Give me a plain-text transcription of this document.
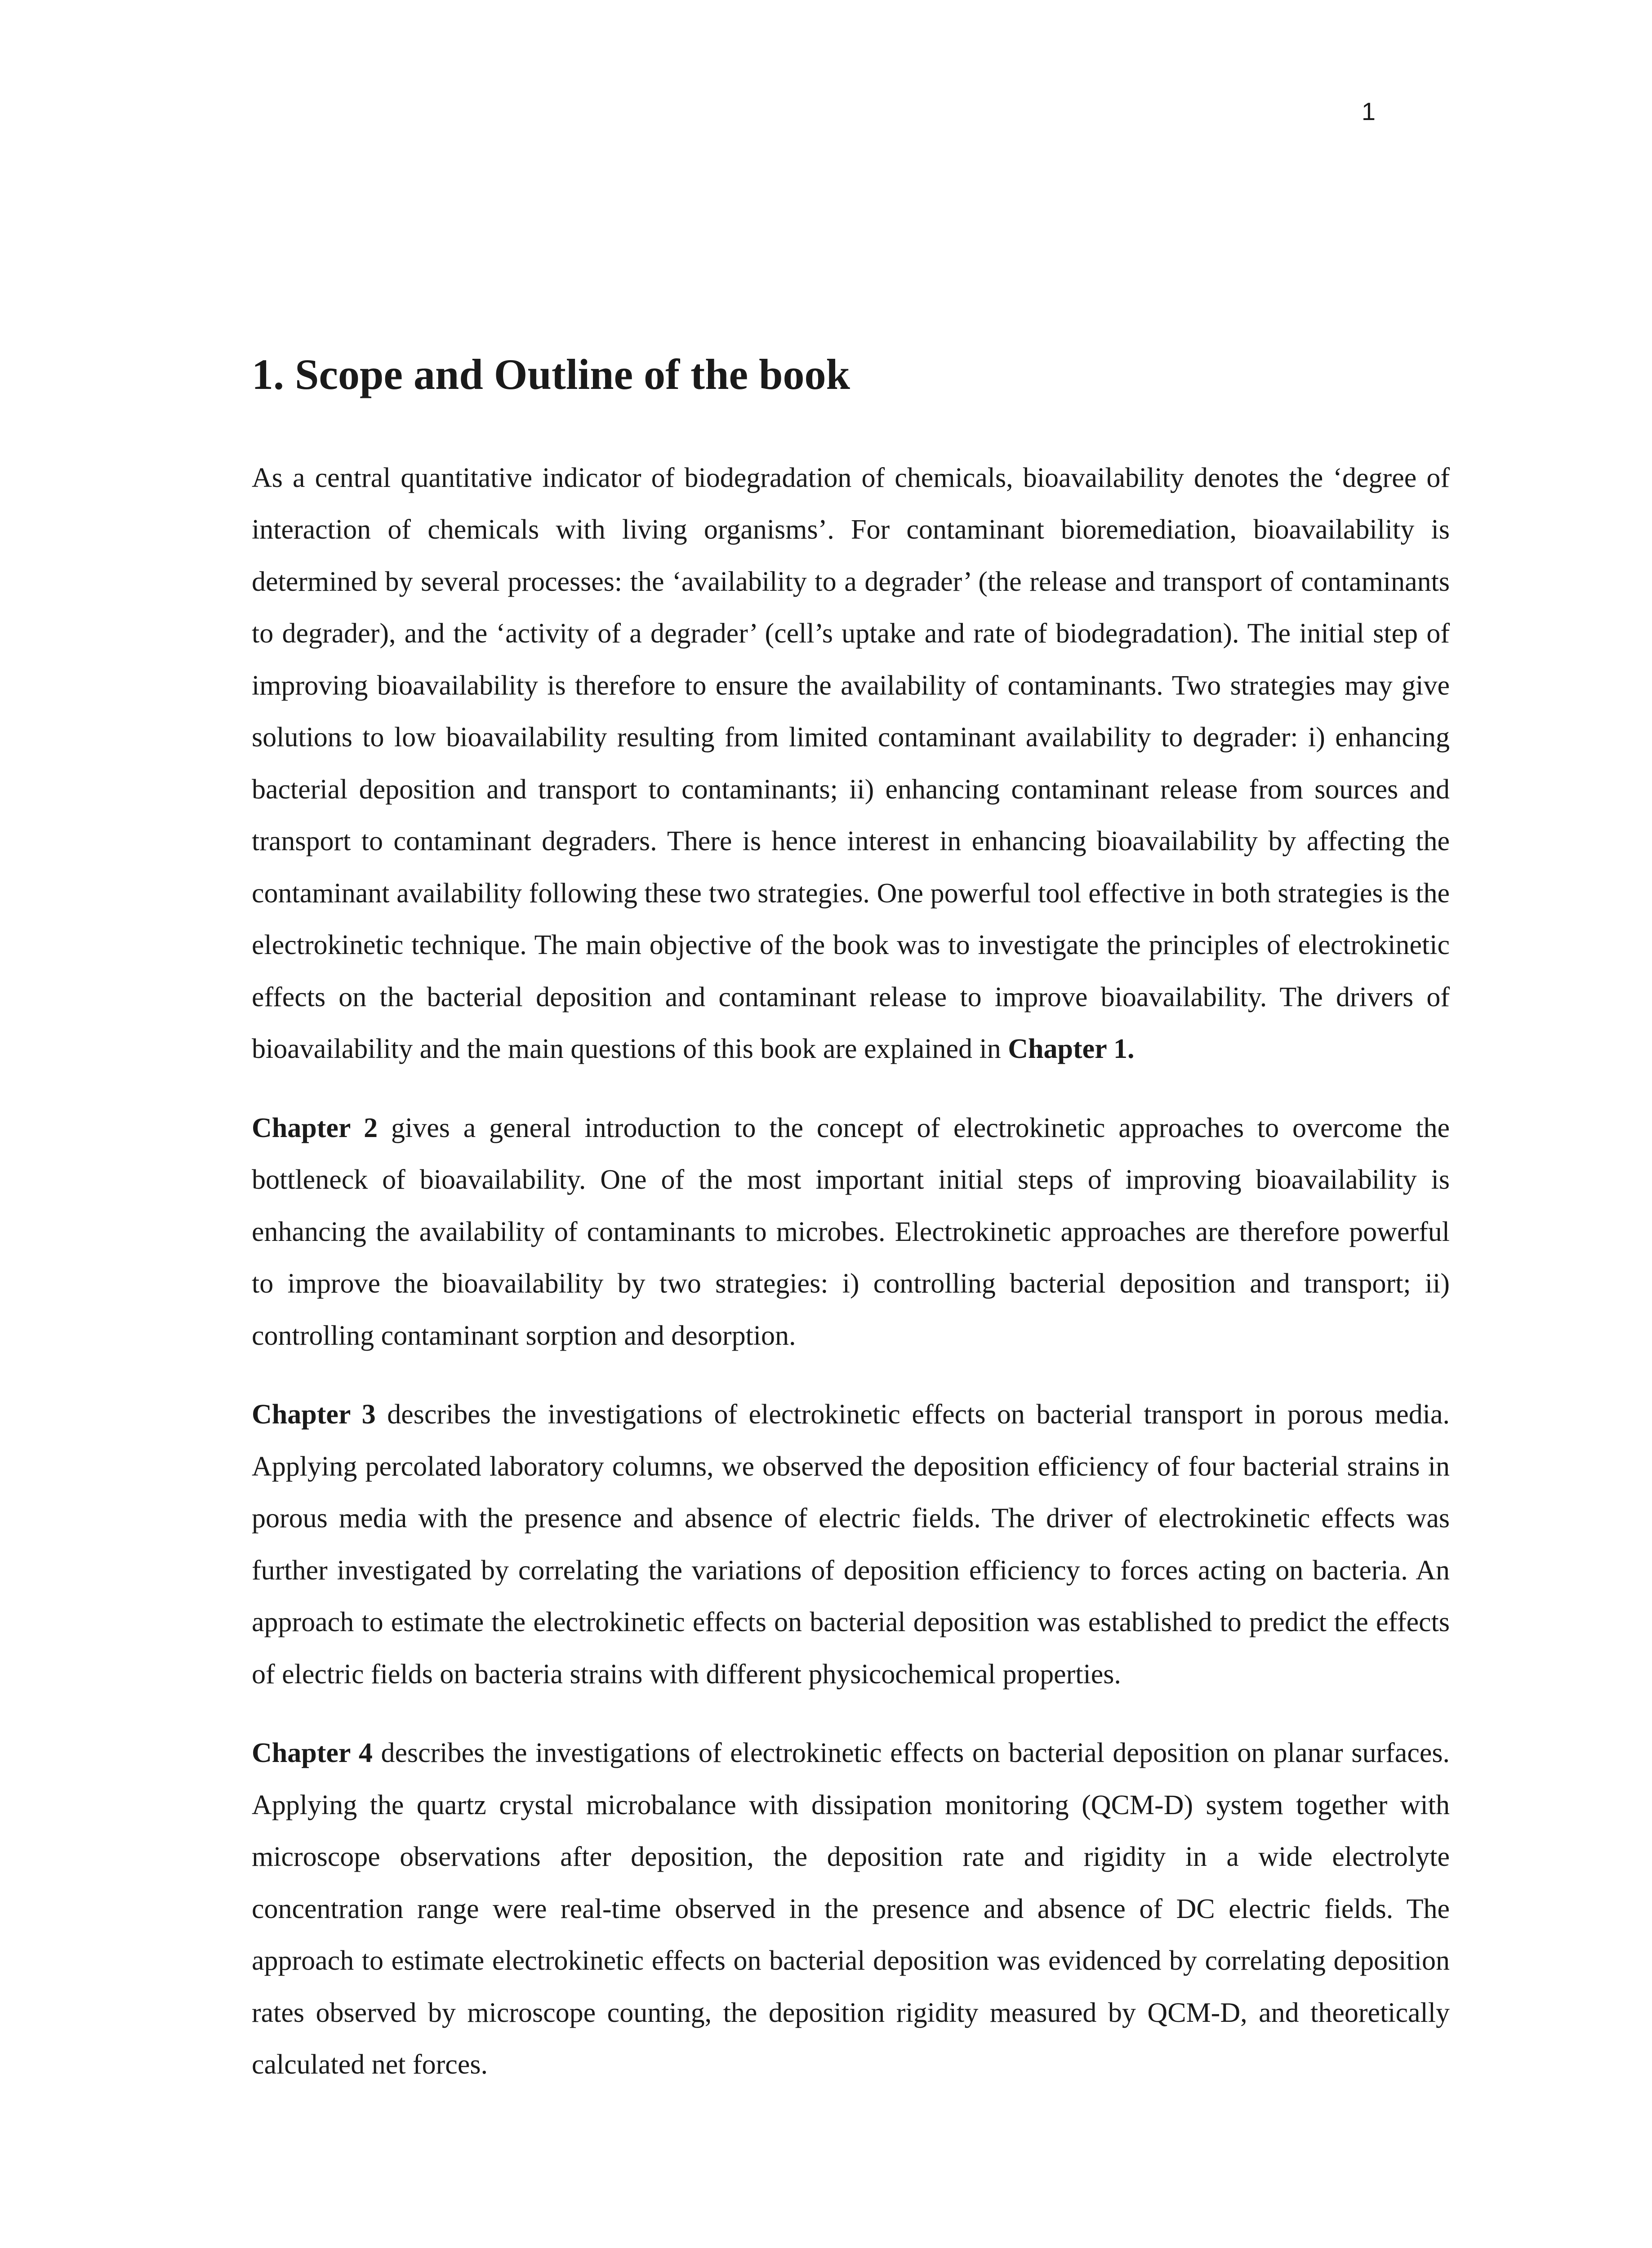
1
1. Scope and Outline of the book

As a central quantitative indicator of biodegradation of chemicals, bioavailability denotes the ‘degree of interaction of chemicals with living organisms’. For contaminant bioremediation, bioavailability is determined by several processes: the ‘availability to a degrader’ (the release and transport of contaminants to degrader), and the ‘activity of a degrader’ (cell’s uptake and rate of biodegradation). The initial step of improving bioavailability is therefore to ensure the availability of contaminants. Two strategies may give solutions to low bioavailability resulting from limited contaminant availability to degrader: i) enhancing bacterial deposition and transport to contaminants; ii) enhancing contaminant release from sources and transport to contaminant degraders. There is hence interest in enhancing bioavailability by affecting the contaminant availability following these two strategies. One powerful tool effective in both strategies is the electrokinetic technique. The main objective of the book was to investigate the principles of electrokinetic effects on the bacterial deposition and contaminant release to improve bioavailability. The drivers of bioavailability and the main questions of this book are explained in Chapter 1.

Chapter 2 gives a general introduction to the concept of electrokinetic approaches to overcome the bottleneck of bioavailability. One of the most important initial steps of improving bioavailability is enhancing the availability of contaminants to microbes. Electrokinetic approaches are therefore powerful to improve the bioavailability by two strategies: i) controlling bacterial deposition and transport; ii) controlling contaminant sorption and desorption.

Chapter 3 describes the investigations of electrokinetic effects on bacterial transport in porous media. Applying percolated laboratory columns, we observed the deposition efficiency of four bacterial strains in porous media with the presence and absence of electric fields. The driver of electrokinetic effects was further investigated by correlating the variations of deposition efficiency to forces acting on bacteria. An approach to estimate the electrokinetic effects on bacterial deposition was established to predict the effects of electric fields on bacteria strains with different physicochemical properties.

Chapter 4 describes the investigations of electrokinetic effects on bacterial deposition on planar surfaces. Applying the quartz crystal microbalance with dissipation monitoring (QCM-D) system together with microscope observations after deposition, the deposition rate and rigidity in a wide electrolyte concentration range were real-time observed in the presence and absence of DC electric fields. The approach to estimate electrokinetic effects on bacterial deposition was evidenced by correlating deposition rates observed by microscope counting, the deposition rigidity measured by QCM-D, and theoretically calculated net forces.
